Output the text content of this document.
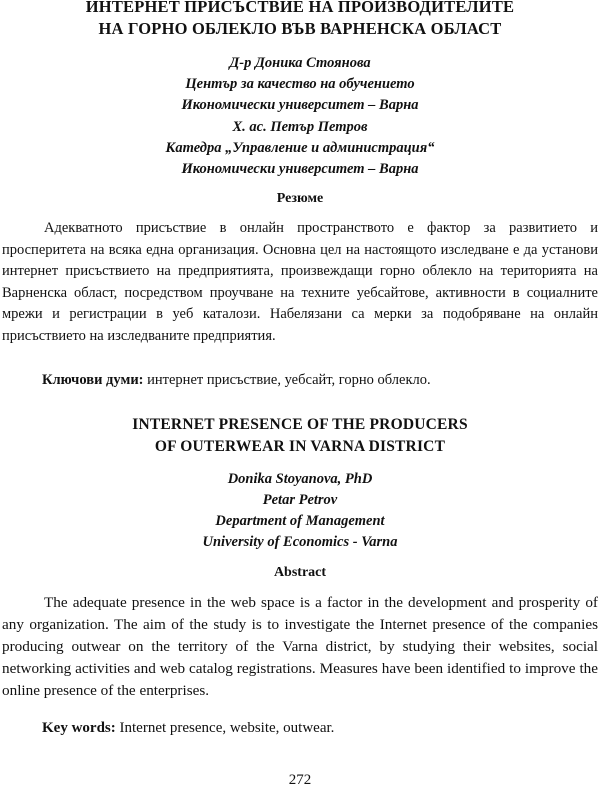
ИНТЕРНЕТ ПРИСЪСТВИЕ НА ПРОИЗВОДИТЕЛИТЕ
НА ГОРНО ОБЛЕКЛО ВЪВ ВАРНЕНСКА ОБЛАСТ
Д-р Доника Стоянова
Център за качество на обучението
Икономически университет – Варна
Х. ас. Петър Петров
Катедра „Управление и администрация“
Икономически университет – Варна
Резюме

Адекватното присъствие в онлайн пространството е фактор за развитието и просперитета на всяка една организация. Основна цел на настоящото изследване е да установи интернет присъствието на предприятията, произвеждащи горно облекло на територията на Варненска област, посредством проучване на техните уебсайтове, активности в социалните мрежи и регистрации в уеб каталози. Набелязани са мерки за подобряване на онлайн присъствието на изследваните предприятия.

Ключови думи: интернет присъствие, уебсайт, горно облекло.
INTERNET PRESENCE OF THE PRODUCERS
OF OUTERWEAR IN VARNA DISTRICT
Donika Stoyanova, PhD
Petar Petrov
Department of Management
University of Economics - Varna
Abstract

The adequate presence in the web space is a factor in the development and prosperity of any organization. The aim of the study is to investigate the Internet presence of the companies producing outwear on the territory of the Varna district, by studying their websites, social networking activities and web catalog registrations. Measures have been identified to improve the online presence of the enterprises.

Key words: Internet presence, website, outwear.
272
